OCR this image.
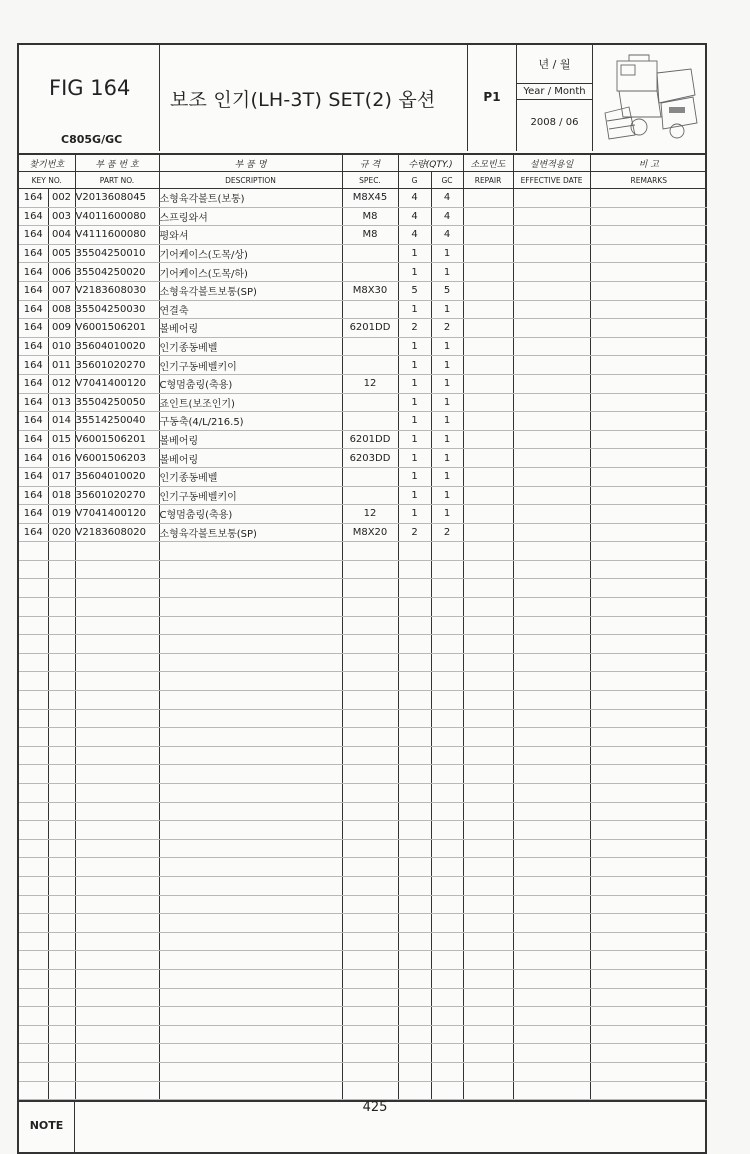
FIG 164
C805G/GC
보조 인기(LH-3T) SET(2) 옵션	P1
년 / 월
Year / Month
2008 / 06
찾기번호		부 품 번 호	부 품 명	규 격	수량(QTY.)		소모빈도	설변적용일	비 고
KEY NO.		PART NO.	DESCRIPTION	SPEC.	G	GC	REPAIR	EFFECTIVE DATE	REMARKS
164	002	V2013608045	소형육각볼트(보통)	M8X45	4	4			
164	003	V4011600080	스프링와셔	M8	4	4			
164	004	V4111600080	평와셔	M8	4	4			
164	005	35504250010	기어케이스(도목/상)		1	1			
164	006	35504250020	기어케이스(도목/하)		1	1			
164	007	V2183608030	소형육각볼트보통(SP)	M8X30	5	5			
164	008	35504250030	연결축		1	1			
164	009	V6001506201	볼베어링	6201DD	2	2			
164	010	35604010020	인기종동베벨		1	1			
164	011	35601020270	인기구동베벨키이		1	1			
164	012	V7041400120	C형멈춤링(축용)	12	1	1			
164	013	35504250050	죠인트(보조인기)		1	1			
164	014	35514250040	구동축(4/L/216.5)		1	1			
164	015	V6001506201	볼베어링	6201DD	1	1			
164	016	V6001506203	볼베어링	6203DD	1	1			
164	017	35604010020	인기종동베벨		1	1			
164	018	35601020270	인기구동베벨키이		1	1			
164	019	V7041400120	C형멈춤링(축용)	12	1	1			
164	020	V2183608020	소형육각볼트보통(SP)	M8X20	2	2			

NOTE
425
